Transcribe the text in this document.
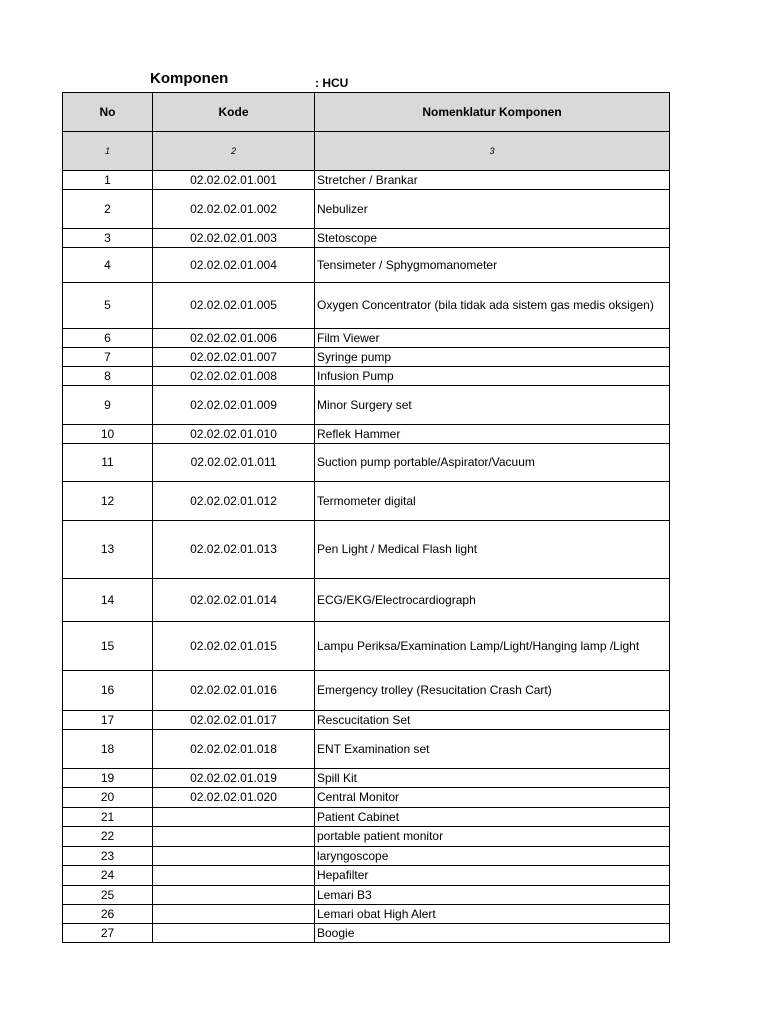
Komponen	: HCU
No	Kode	Nomenklatur Komponen
1	2	3
1	02.02.02.01.001	Stretcher / Brankar
2	02.02.02.01.002	Nebulizer
3	02.02.02.01.003	Stetoscope
4	02.02.02.01.004	Tensimeter / Sphygmomanometer
5	02.02.02.01.005	Oxygen Concentrator (bila tidak ada sistem gas medis oksigen)
6	02.02.02.01.006	Film Viewer
7	02.02.02.01.007	Syringe pump
8	02.02.02.01.008	Infusion Pump
9	02.02.02.01.009	Minor Surgery set
10	02.02.02.01.010	Reflek Hammer
11	02.02.02.01.011	Suction pump portable/Aspirator/Vacuum
12	02.02.02.01.012	Termometer digital
13	02.02.02.01.013	Pen Light / Medical Flash light
14	02.02.02.01.014	ECG/EKG/Electrocardiograph
15	02.02.02.01.015	Lampu Periksa/Examination Lamp/Light/Hanging lamp /Light
16	02.02.02.01.016	Emergency trolley (Resucitation Crash Cart)
17	02.02.02.01.017	Rescucitation Set
18	02.02.02.01.018	ENT Examination set
19	02.02.02.01.019	Spill Kit
20	02.02.02.01.020	Central Monitor
21		Patient Cabinet
22		portable patient monitor
23		laryngoscope
24		Hepafilter
25		Lemari B3
26		Lemari obat High Alert
27		Boogie
